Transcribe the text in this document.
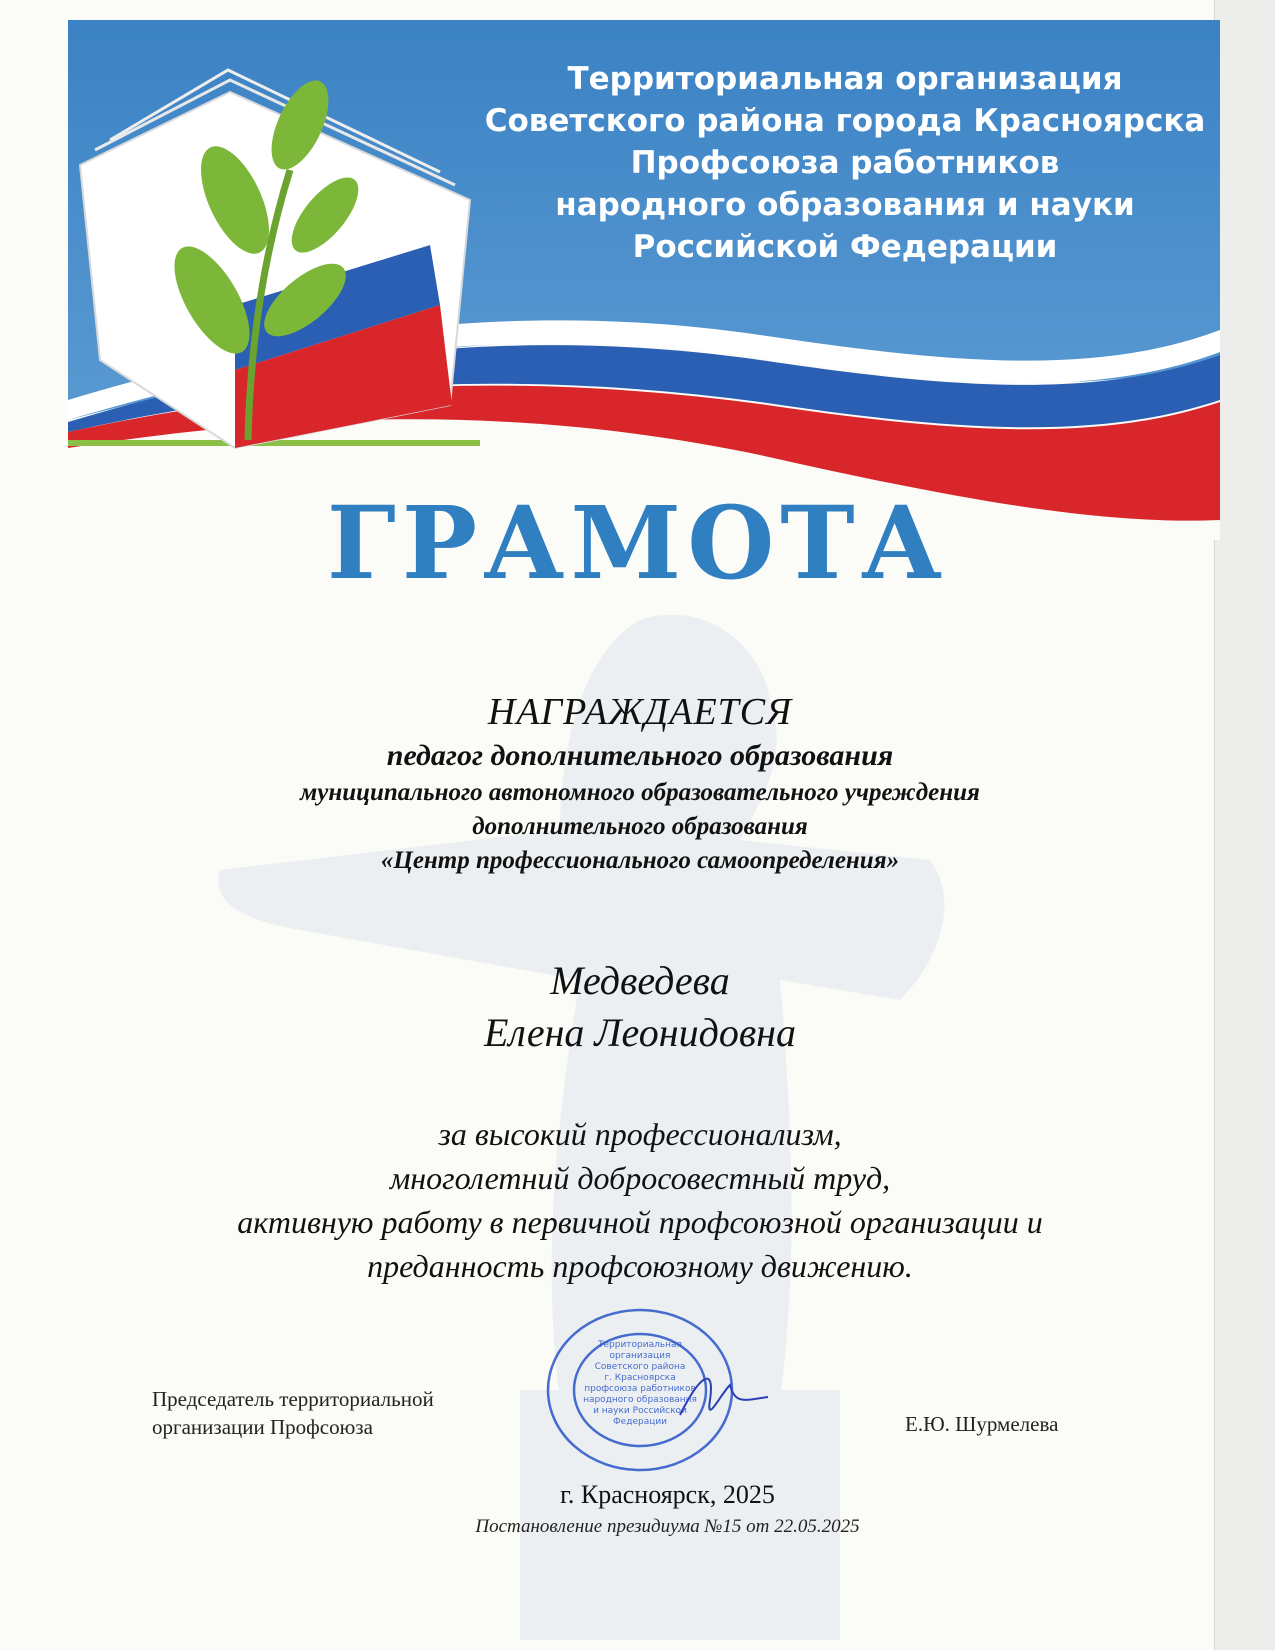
Территориальная организация
Советского района города Красноярска
Профсоюза работников
народного образования и науки
Российской Федерации
ГРАМОТА
НАГРАЖДАЕТСЯ
педагог дополнительного образования
муниципального автономного образовательного учреждения
дополнительного образования
«Центр профессионального самоопределения»
Медведева
Елена Леонидовна
за высокий профессионализм,
многолетний добросовестный труд,
активную работу в первичной профсоюзной организации и
преданность профсоюзному движению.
Председатель территориальной
организации Профсоюза
Территориальная
организация
Советского района
г. Красноярска
профсоюза работников
народного образования
и науки Российской
Федерации	Е.Ю. Шурмелева
г. Красноярск, 2025
Постановление президиума №15 от 22.05.2025
